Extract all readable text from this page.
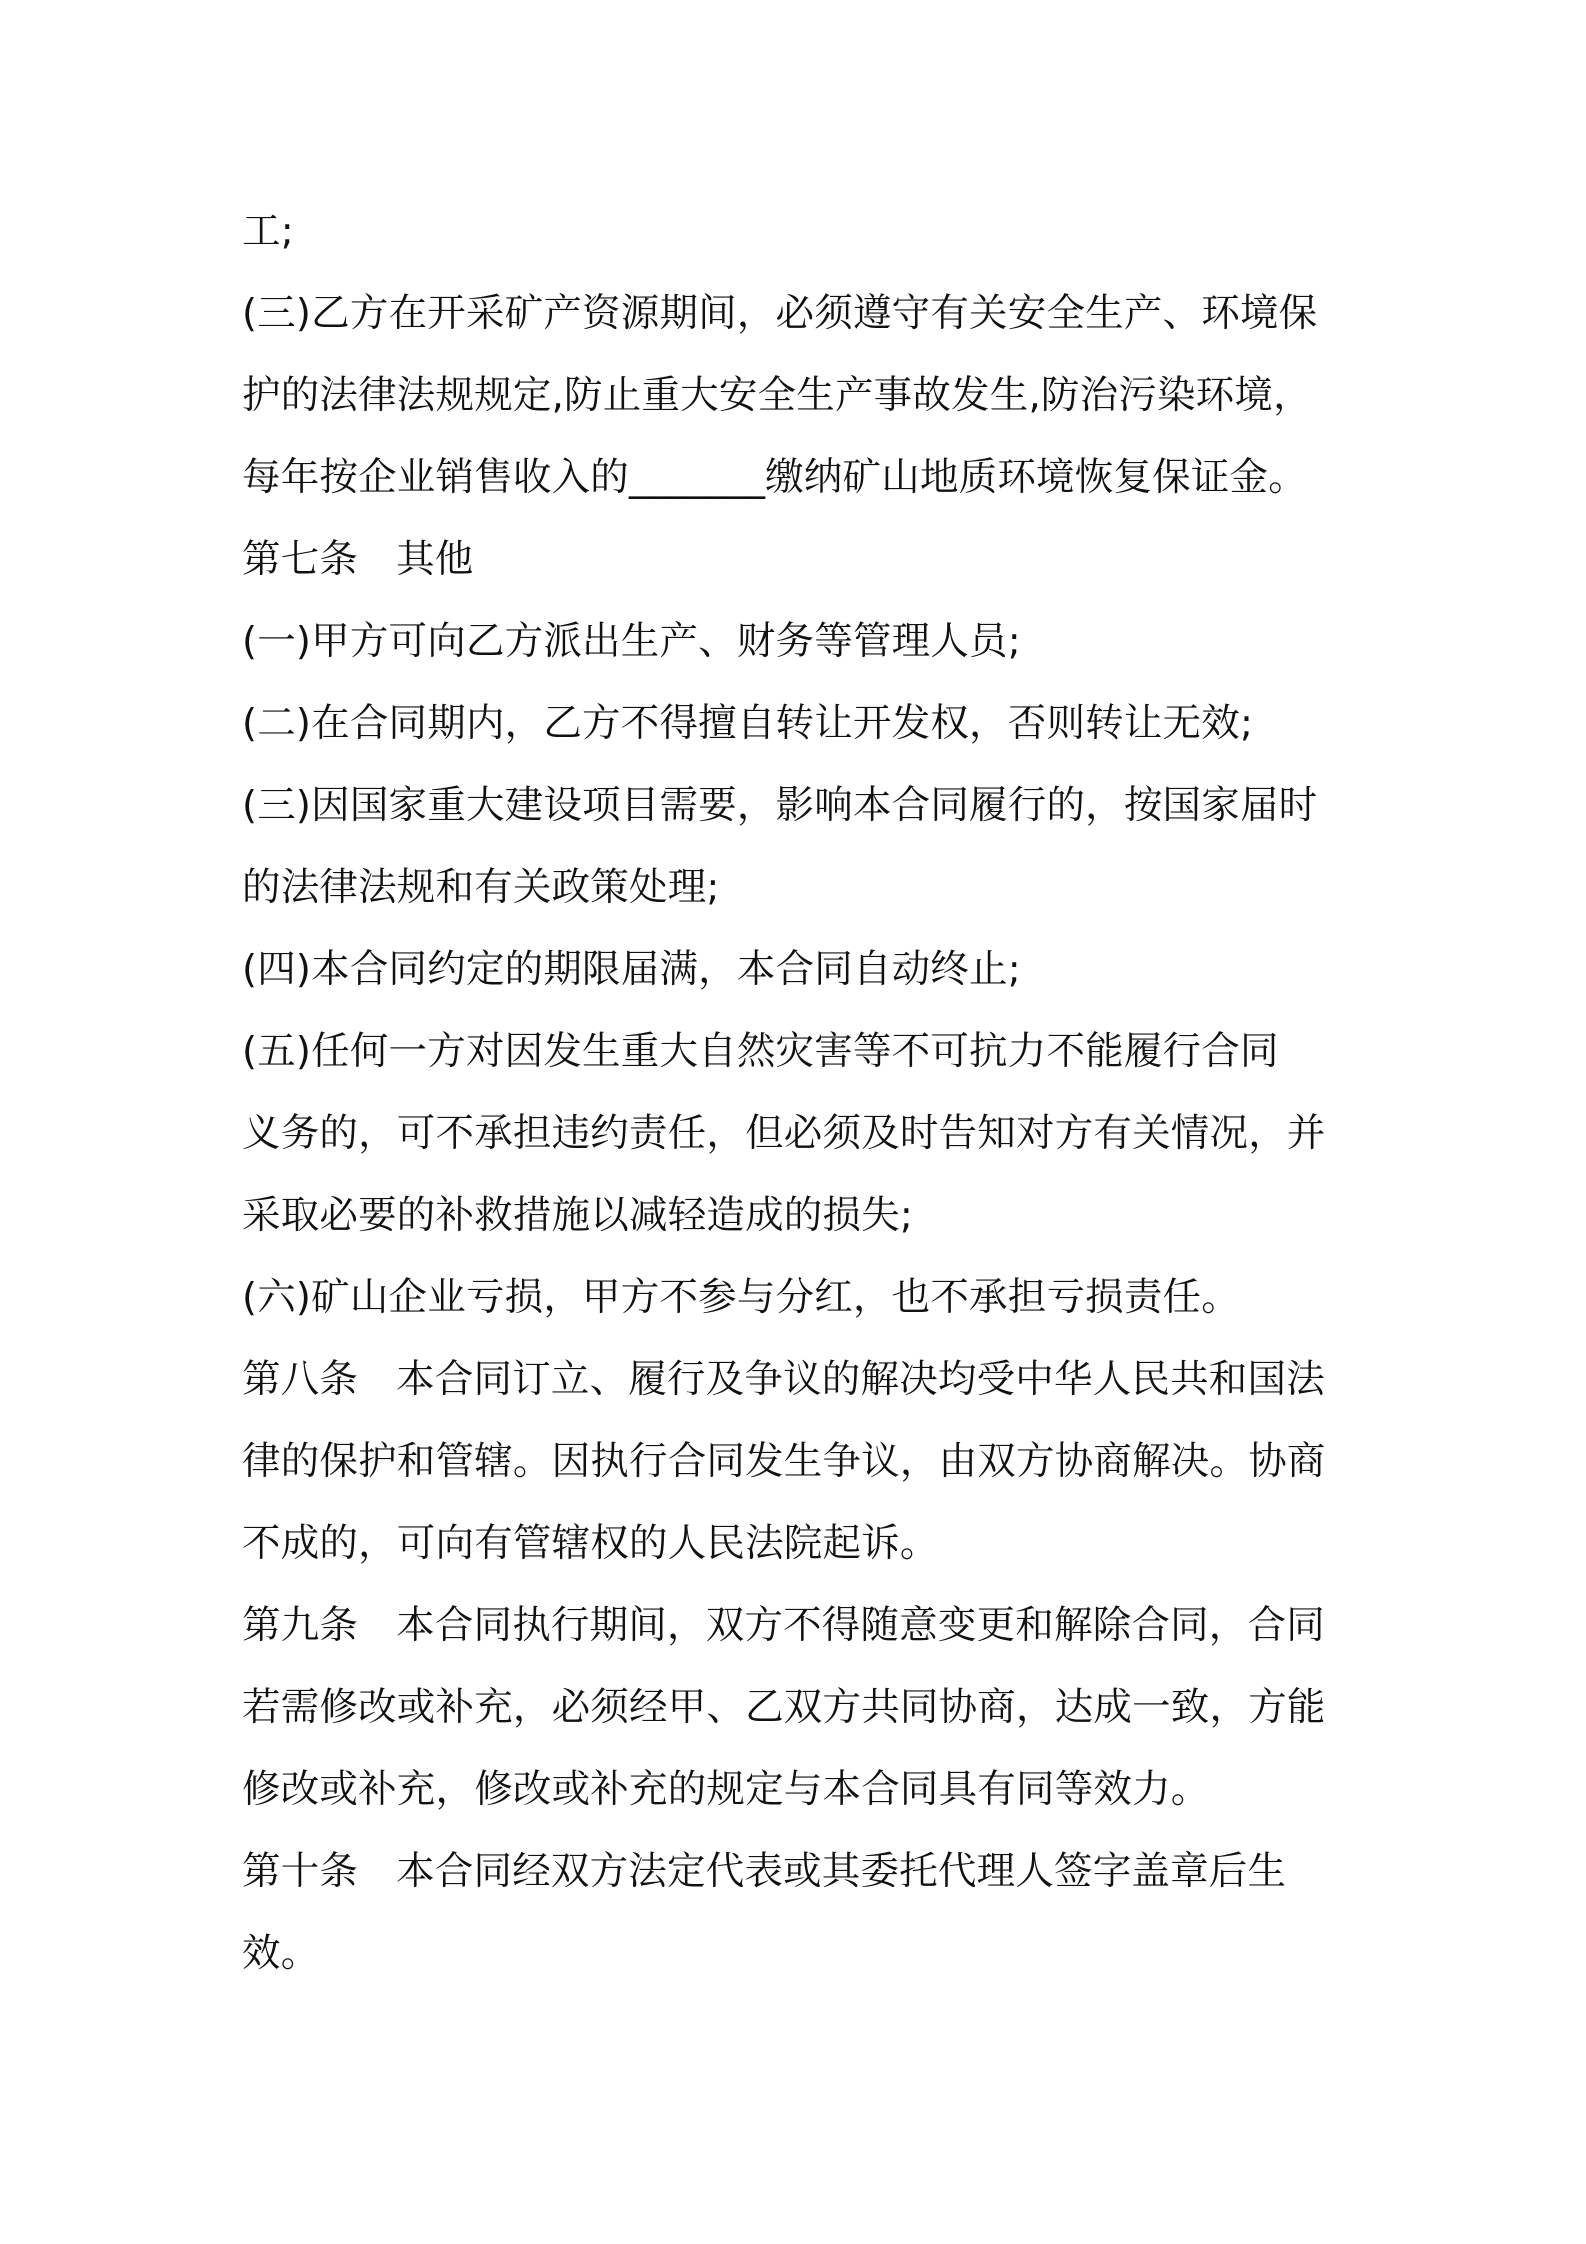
工;
(三)乙方在开采矿产资源期间，必须遵守有关安全生产、环境保
护的法律法规规定,防止重大安全生产事故发生,防治污染环境，
每年按企业销售收入的_______缴纳矿山地质环境恢复保证金。
第七条 其他
(一)甲方可向乙方派出生产、财务等管理人员;
(二)在合同期内，乙方不得擅自转让开发权，否则转让无效;
(三)因国家重大建设项目需要，影响本合同履行的，按国家届时
的法律法规和有关政策处理;
(四)本合同约定的期限届满，本合同自动终止;
(五)任何一方对因发生重大自然灾害等不可抗力不能履行合同
义务的，可不承担违约责任，但必须及时告知对方有关情况，并
采取必要的补救措施以减轻造成的损失;
(六)矿山企业亏损，甲方不参与分红，也不承担亏损责任。
第八条 本合同订立、履行及争议的解决均受中华人民共和国法
律的保护和管辖。因执行合同发生争议，由双方协商解决。协商
不成的，可向有管辖权的人民法院起诉。
第九条 本合同执行期间，双方不得随意变更和解除合同，合同
若需修改或补充，必须经甲、乙双方共同协商，达成一致，方能
修改或补充，修改或补充的规定与本合同具有同等效力。
第十条 本合同经双方法定代表或其委托代理人签字盖章后生
效。
